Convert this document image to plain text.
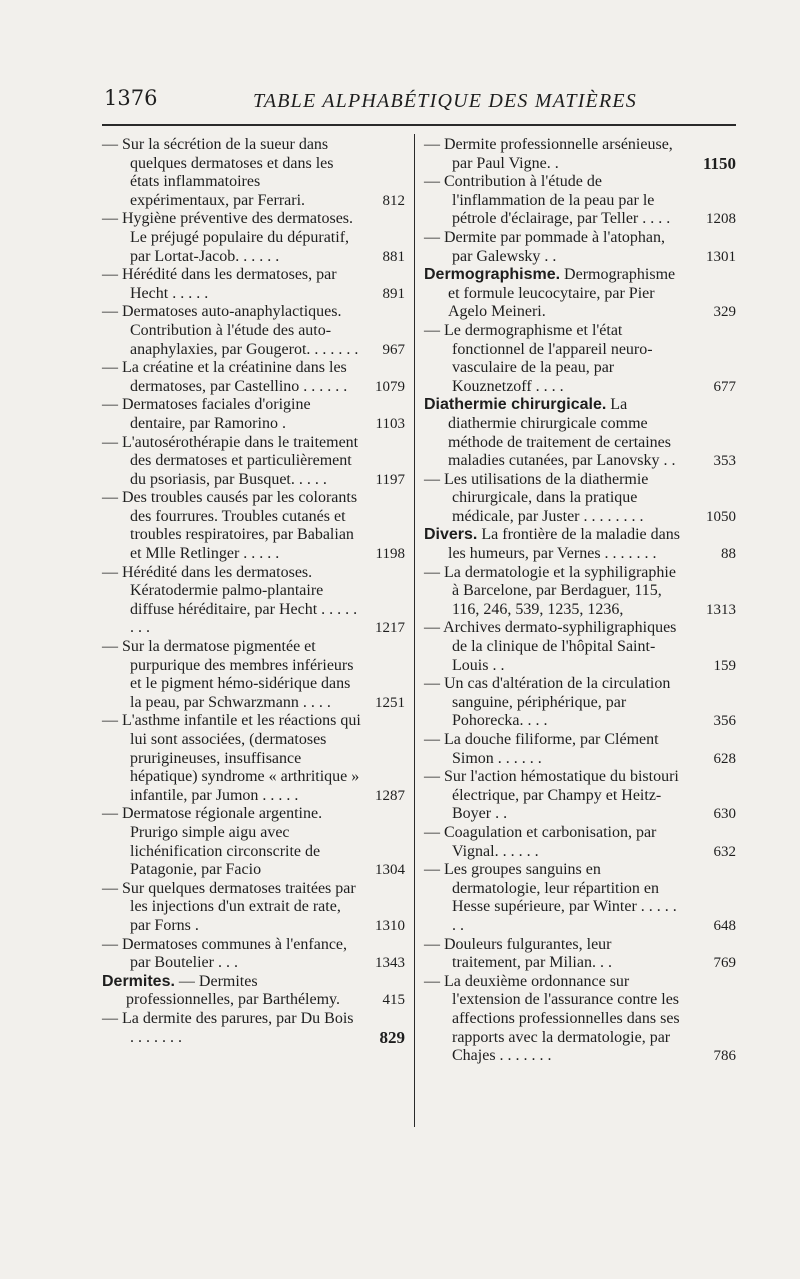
1376	TABLE ALPHABÉTIQUE DES MATIÈRES
— Sur la sécrétion de la sueur dans quelques dermatoses et dans les états inflammatoires expérimentaux, par Ferrari.	812
— Hygiène préventive des dermatoses. Le préjugé populaire du dépuratif, par Lortat-Jacob. . . . . .	881
— Hérédité dans les dermatoses, par Hecht . . . . .	891
— Dermatoses auto-anaphylactiques. Contribution à l'étude des auto-anaphylaxies, par Gougerot. . . . . . . 967
— La créatine et la créatinine dans les dermatoses, par Castellino . . . . . .	1079
— Dermatoses faciales d'origine dentaire, par Ramorino .	1103
— L'autosérothérapie dans le traitement des dermatoses et particulièrement du psoriasis, par Busquet. . . . .	1197
— Des troubles causés par les colorants des fourrures. Troubles cutanés et troubles respiratoires, par Babalian et Mlle Retlinger . . . . .	1198
— Hérédité dans les dermatoses. Kératodermie palmo-plantaire diffuse héréditaire, par Hecht . . . . . . . .	1217
— Sur la dermatose pigmentée et purpurique des membres inférieurs et le pigment hémo-sidérique dans la peau, par Schwarzmann . . . .	1251
— L'asthme infantile et les réactions qui lui sont associées, (dermatoses prurigineuses, insuffisance hépatique) syndrome « arthritique » infantile, par Jumon . . . . .	1287
— Dermatose régionale argentine. Prurigo simple aigu avec lichénification circonscrite de Patagonie, par Facio	1304
— Sur quelques dermatoses traitées par les injections d'un extrait de rate, par Forns .	1310
— Dermatoses communes à l'enfance, par Boutelier . . .	1343
Dermites. — Dermites professionnelles, par Barthélemy.	415
— La dermite des parures, par Du Bois . . . . . . .	829
— Dermite professionnelle arsénieuse, par Paul Vigne. .	1150
— Contribution à l'étude de l'inflammation de la peau par le pétrole d'éclairage, par Teller . . . .	1208
— Dermite par pommade à l'atophan, par Galewsky . .	1301
Dermographisme. Dermographisme et formule leucocytaire, par Pier Agelo Meineri.	329
— Le dermographisme et l'état fonctionnel de l'appareil neuro-vasculaire de la peau, par Kouznetzoff . . . .	677
Diathermie chirurgicale. La diathermie chirurgicale comme méthode de traitement de certaines maladies cutanées, par Lanovsky . .	353
— Les utilisations de la diathermie chirurgicale, dans la pratique médicale, par Juster . . . . . . . .	1050
Divers. La frontière de la maladie dans les humeurs, par Vernes . . . . . . .	88
— La dermatologie et la syphiligraphie à Barcelone, par Berdaguer, 115, 116, 246, 539, 1235, 1236,	1313
— Archives dermato-syphiligraphiques de la clinique de l'hôpital Saint-Louis . .	159
— Un cas d'altération de la circulation sanguine, périphérique, par Pohorecka. . . .	356
— La douche filiforme, par Clément Simon . . . . . .	628
— Sur l'action hémostatique du bistouri électrique, par Champy et Heitz-Boyer . .	630
— Coagulation et carbonisation, par Vignal. . . . . .	632
— Les groupes sanguins en dermatologie, leur répartition en Hesse supérieure, par Winter . . . . . . .	648
— Douleurs fulgurantes, leur traitement, par Milian. . .	769
— La deuxième ordonnance sur l'extension de l'assurance contre les affections professionnelles dans ses rapports avec la dermatologie, par Chajes . . . . . . .	786
